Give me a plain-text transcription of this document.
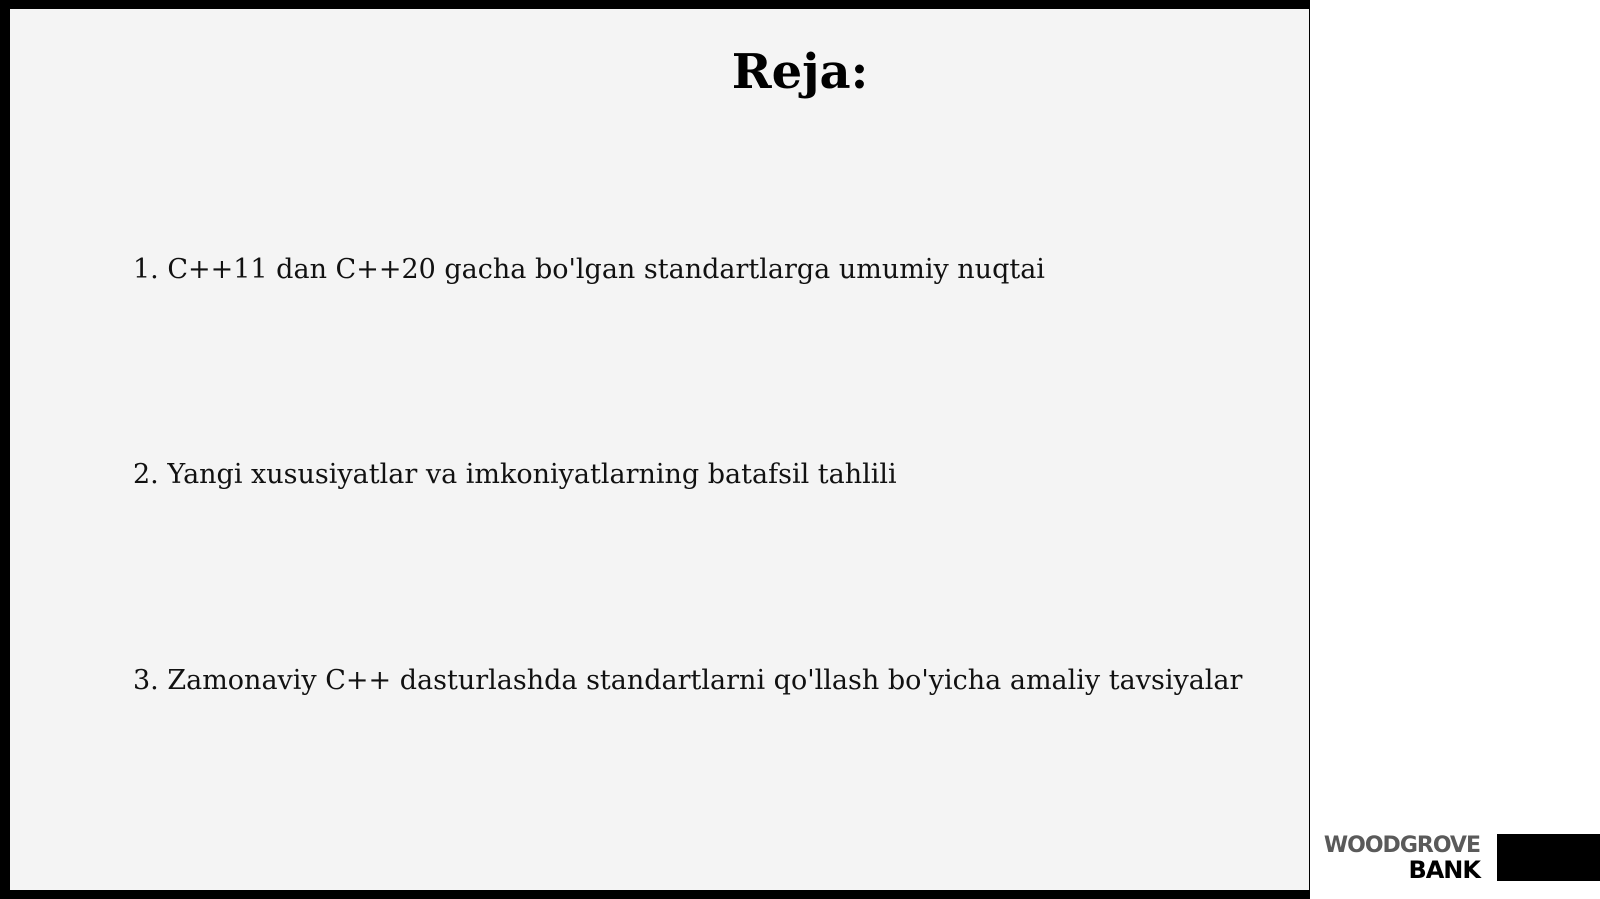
Reja:
1. C++11 dan C++20 gacha bo'lgan standartlarga umumiy nuqtai
2. Yangi xususiyatlar va imkoniyatlarning batafsil tahlili
3. Zamonaviy C++ dasturlashda standartlarni qo'llash bo'yicha amaliy tavsiyalar
WOODGROVE
BANK
